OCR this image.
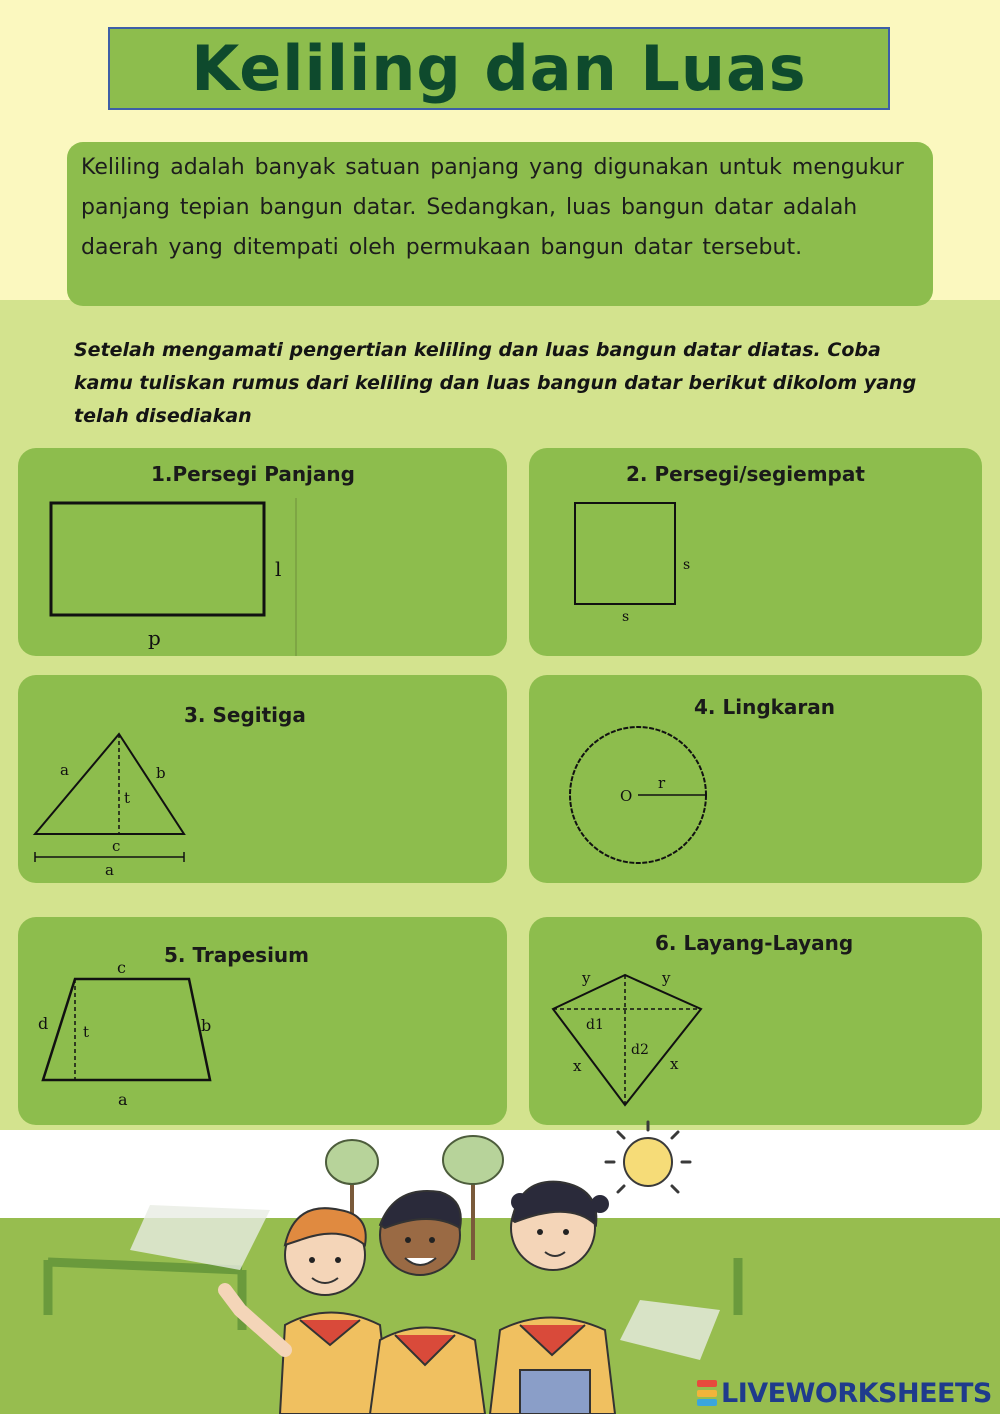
Keliling dan Luas

Keliling adalah banyak satuan panjang yang digunakan untuk mengukur panjang tepian bangun datar. Sedangkan, luas bangun datar adalah daerah yang ditempati oleh permukaan bangun datar tersebut.

Setelah mengamati pengertian keliling dan luas bangun datar diatas. Coba kamu tuliskan rumus dari keliling dan luas bangun datar berikut dikolom yang telah disediakan

1.Persegi Panjang
l
p
2. Persegi/segiempat
s
s
3. Segitiga
a	b
t
c
a
4. Lingkaran
O
r
5. Trapesium
c
d t	b
a
6. Layang-Layang
y	y
d1
d2
x	x
LIVEWORKSHEETS
